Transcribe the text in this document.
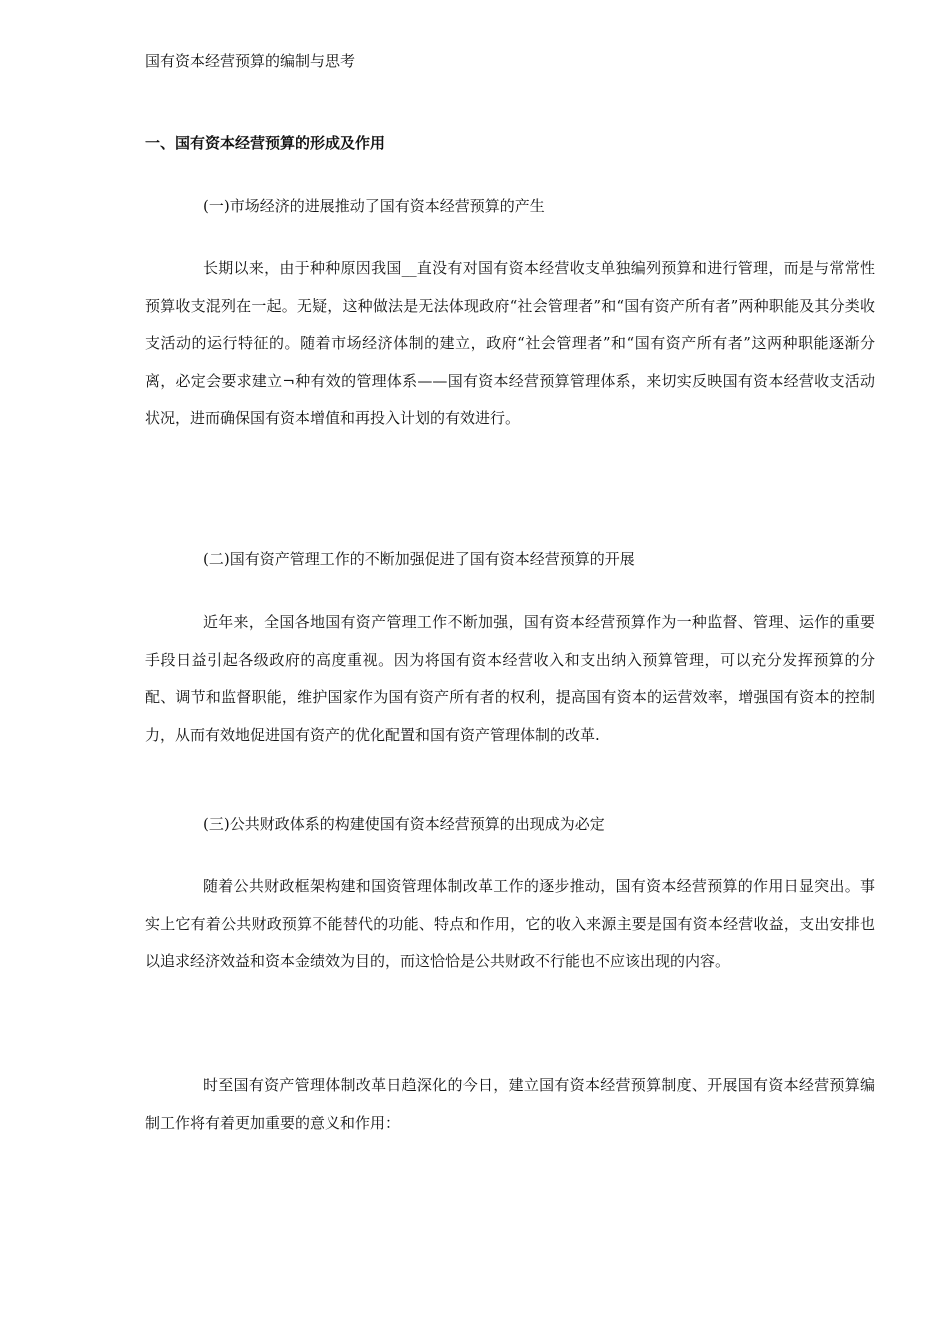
国有资本经营预算的编制与思考
一、国有资本经营预算的形成及作用
(一)市场经济的进展推动了国有资本经营预算的产生

长期以来，由于种种原因我国__直没有对国有资本经营收支单独编列预算和进行管理，而是与常常性预算收支混列在一起。无疑，这种做法是无法体现政府“社会管理者”和“国有资产所有者”两种职能及其分类收支活动的运行特征的。随着市场经济体制的建立，政府“社会管理者”和“国有资产所有者”这两种职能逐渐分离，必定会要求建立¬种有效的管理体系——国有资本经营预算管理体系，来切实反映国有资本经营收支活动状况，进而确保国有资本增值和再投入计划的有效进行。

(二)国有资产管理工作的不断加强促进了国有资本经营预算的开展

近年来，全国各地国有资产管理工作不断加强，国有资本经营预算作为一种监督、管理、运作的重要手段日益引起各级政府的高度重视。因为将国有资本经营收入和支出纳入预算管理，可以充分发挥预算的分配、调节和监督职能，维护国家作为国有资产所有者的权利，提高国有资本的运营效率，增强国有资本的控制力，从而有效地促进国有资产的优化配置和国有资产管理体制的改革.

(三)公共财政体系的构建使国有资本经营预算的出现成为必定

随着公共财政框架构建和国资管理体制改革工作的逐步推动，国有资本经营预算的作用日显突出。事实上它有着公共财政预算不能替代的功能、特点和作用，它的收入来源主要是国有资本经营收益，支出安排也以追求经济效益和资本金绩效为目的，而这恰恰是公共财政不行能也不应该出现的内容。

时至国有资产管理体制改革日趋深化的今日，建立国有资本经营预算制度、开展国有资本经营预算编制工作将有着更加重要的意义和作用：
